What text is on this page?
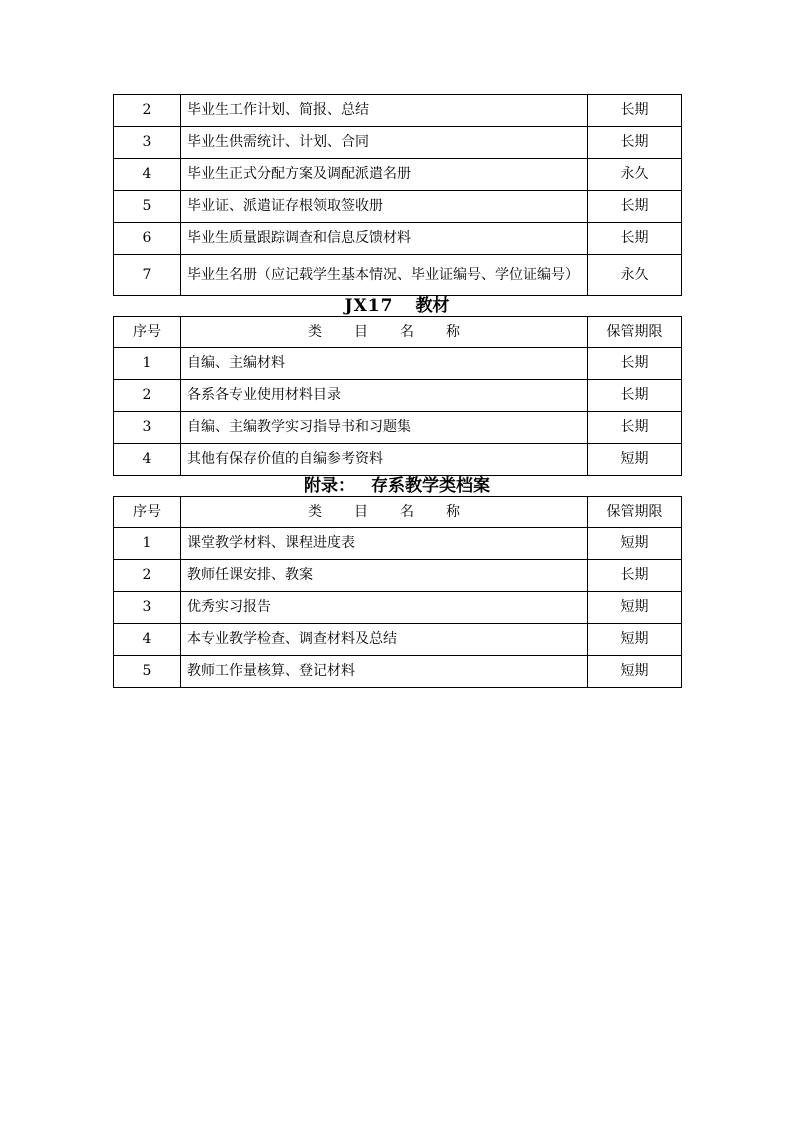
2	毕业生工作计划、简报、总结	长期
3	毕业生供需统计、计划、合同	长期
4	毕业生正式分配方案及调配派遣名册	永久
5	毕业证、派遣证存根领取签收册	长期
6	毕业生质量跟踪调查和信息反馈材料	长期
7	毕业生名册（应记载学生基本情况、毕业证编号、学位证编号）	永久
JX17 教材
序号	类目名称	保管期限
1	自编、主编材料	长期
2	各系各专业使用材料目录	长期
3	自编、主编教学实习指导书和习题集	长期
4	其他有保存价值的自编参考资料	短期
附录： 存系教学类档案
序号	类目名称	保管期限
1	课堂教学材料、课程进度表	短期
2	教师任课安排、教案	长期
3	优秀实习报告	短期
4	本专业教学检查、调查材料及总结	短期
5	教师工作量核算、登记材料	短期
